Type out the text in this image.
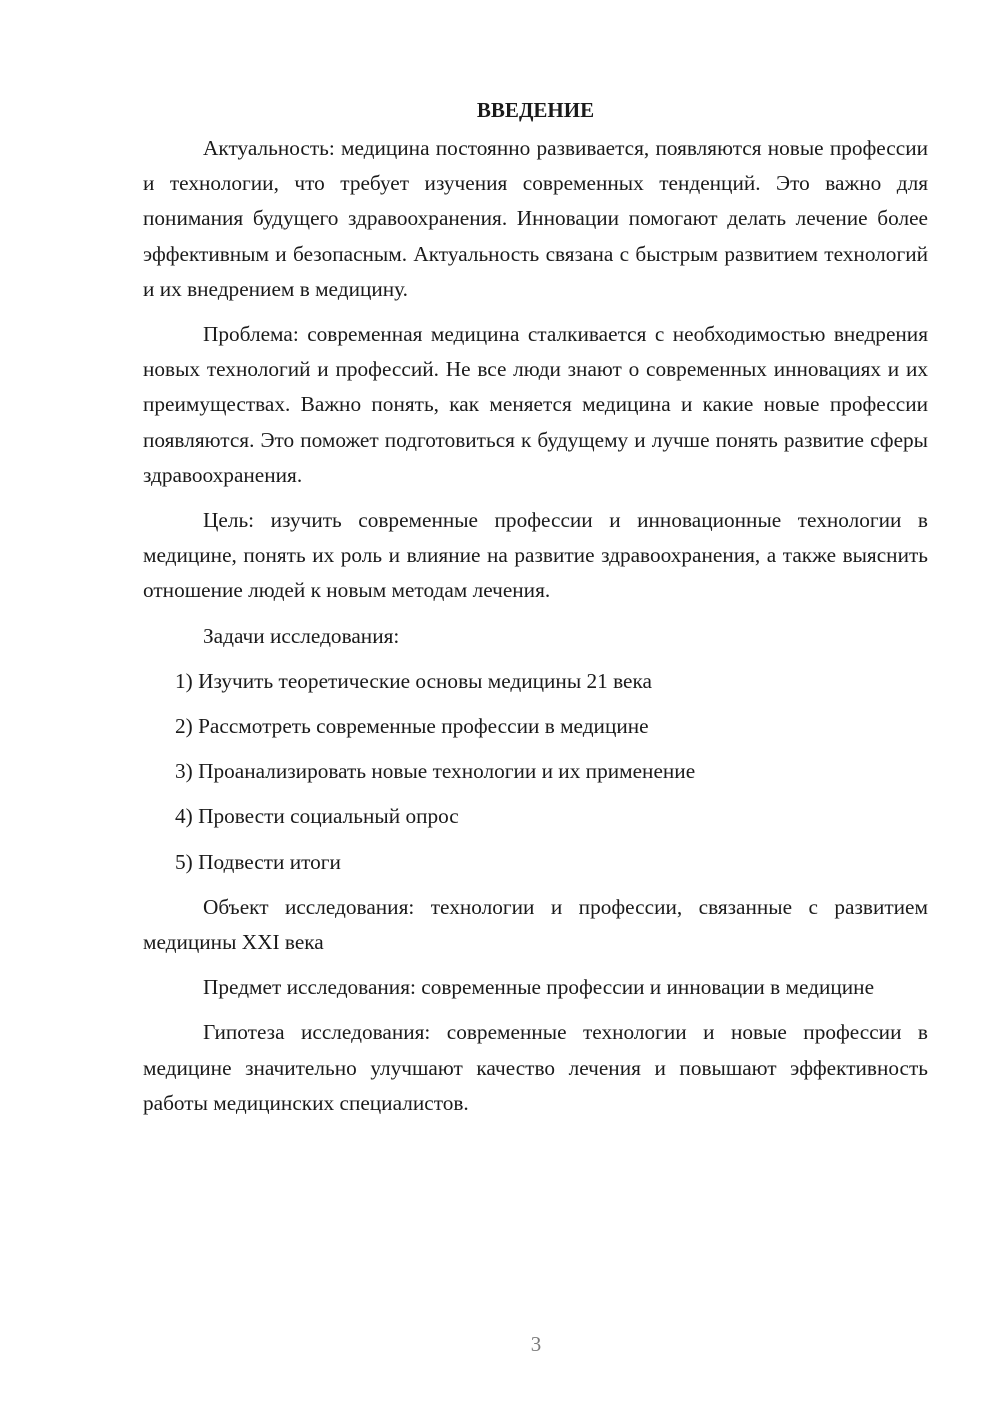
ВВЕДЕНИЕ

Актуальность: медицина постоянно развивается, появляются новые профессии и технологии, что требует изучения современных тенденций. Это важно для понимания будущего здравоохранения. Инновации помогают делать лечение более эффективным и безопасным. Актуальность связана с быстрым развитием технологий и их внедрением в медицину.

Проблема: современная медицина сталкивается с необходимостью внедрения новых технологий и профессий. Не все люди знают о современных инновациях и их преимуществах. Важно понять, как меняется медицина и какие новые профессии появляются. Это поможет подготовиться к будущему и лучше понять развитие сферы здравоохранения.

Цель: изучить современные профессии и инновационные технологии в медицине, понять их роль и влияние на развитие здравоохранения, а также выяснить отношение людей к новым методам лечения.

Задачи исследования:

1) Изучить теоретические основы медицины 21 века
2) Рассмотреть современные профессии в медицине
3) Проанализировать новые технологии и их применение
4) Провести социальный опрос
5) Подвести итоги

Объект исследования: технологии и профессии, связанные с развитием медицины XXI века

Предмет исследования: современные профессии и инновации в медицине

Гипотеза исследования: современные технологии и новые профессии в медицине значительно улучшают качество лечения и повышают эффективность работы медицинских специалистов.

3
